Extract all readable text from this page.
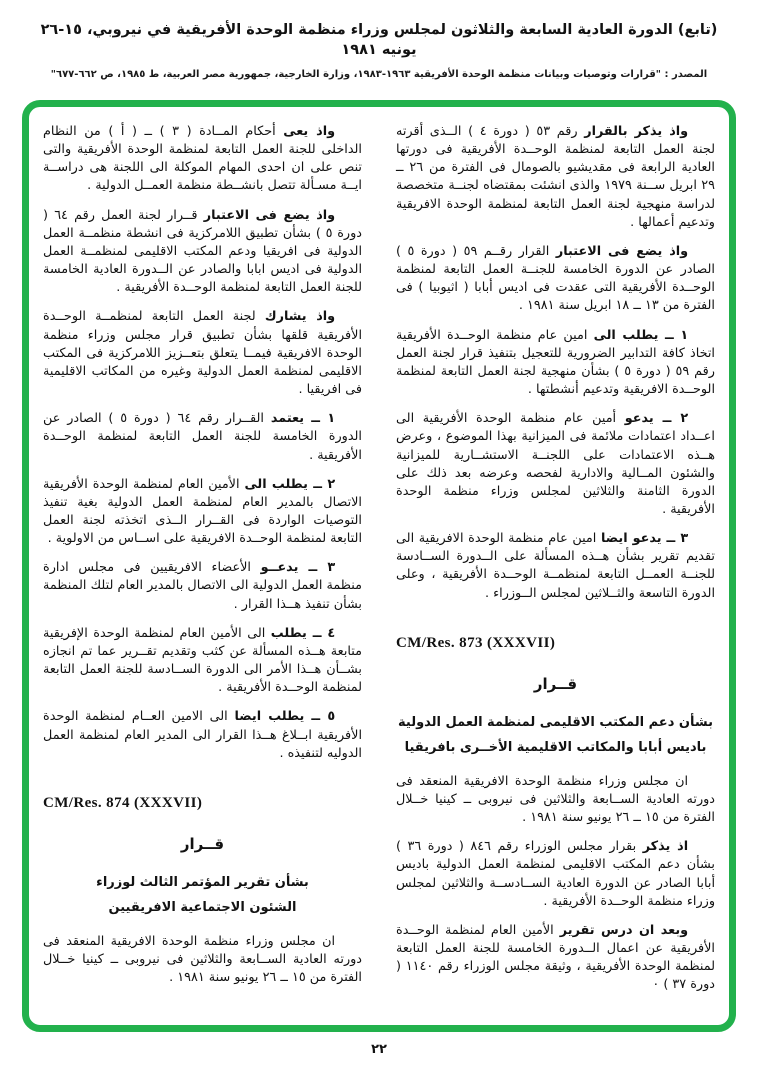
(تابع) الدورة العادية السابعة والثلاثون لمجلس وزراء منظمة الوحدة الأفريقية في نيروبي، ١٥-٢٦ يونيه ١٩٨١
المصدر : "قرارات وتوصيات وبيانات منظمة الوحدة الأفريقية ١٩٦٣-١٩٨٣، وزارة الخارجية، جمهورية مصر العربية، ط ١٩٨٥، ص ٦٦٢-٦٧٧"

واذ يذكر بالقرار رقم ٥٣ ( دورة ٤ ) الــذى أقرته لجنة العمل التابعة لمنظمة الوحــدة الأفريقية فى دورتها العادية الرابعة فى مقديشيو بالصومال فى الفترة من ٢٦ ــ ٢٩ ابريل ســنة ١٩٧٩ والذى انشئت بمقتضاه لجنــة متخصصة لدراسة منهجية لجنة العمل التابعة لمنظمة الوحدة الافريقية وتدعيم أعمالها .

واذ يضع فى الاعتبار القرار رقــم ٥٩ ( دورة ٥ ) الصادر عن الدورة الخامسة للجنــة العمل التابعة لمنظمة الوحــدة الأفريقية التى عقدت فى اديس أبابا ( اثيوبيا ) فى الفترة من ١٣ ــ ١٨ ابريل سنة ١٩٨١ .

١ ــ يطلب الى امين عام منظمة الوحــدة الأفريقية اتخاذ كافة التدابير الضرورية للتعجيل بتنفيذ قرار لجنة العمل رقم ٥٩ ( دورة ٥ ) بشأن منهجية لجنة العمل التابعة لمنظمة الوحــدة الافريقية وتدعيم أنشطتها .

٢ ــ يدعو أمين عام منظمة الوحدة الأفريقية الى اعــداد اعتمادات ملائمة فى الميزانية بهذا الموضوع ، وعرض هــذه الاعتمادات على اللجنــة الاستشــارية للميزانية والشئون المــالية والادارية لفحصه وعرضه بعد ذلك على الدورة الثامنة والثلاثين لمجلس وزراء منظمة الوحدة الأفريقية .

٣ ــ يدعو ايضا امين عام منظمة الوحدة الافريقية الى تقديم تقرير بشأن هــذه المسألة على الــدورة الســادسة للجنــة العمــل التابعة لمنظمــة الوحــدة الأفريقية ، وعلى الدورة التاسعة والثــلاثين لمجلس الــوزراء .

CM/Res. 873 (XXXVII)
قــرار
بشأن دعم المكتب الاقليمى لمنظمة العمل الدولية
باديس أبابا والمكاتب الاقليمية الأخــرى بافريقيا

ان مجلس وزراء منظمة الوحدة الافريقية المنعقد فى دورته العادية الســابعة والثلاثين فى نيروبى ــ كينيا خــلال الفترة من ١٥ ــ ٢٦ يونيو سنة ١٩٨١ .

اذ يذكر بقرار مجلس الوزراء رقم ٨٤٦ ( دورة ٣٦ ) بشأن دعم المكتب الاقليمى لمنظمة العمل الدولية باديس أبابا الصادر عن الدورة العادية الســادســة والثلاثين لمجلس وزراء منظمة الوحــدة الأفريقية .

وبعد ان درس تقرير الأمين العام لمنظمة الوحــدة الأفريقية عن اعمال الــدورة الخامسة للجنة العمل التابعة لمنظمة الوحدة الأفريقية ، وثيقة مجلس الوزراء رقم ١١٤٠ ( دورة ٣٧ ) ٠

واذ يعى أحكام المــادة ( ٣ ) ــ ( أ ) من النظام الداخلى للجنة العمل التابعة لمنظمة الوحدة الأفريقية والتى تنص على ان احدى المهام الموكلة الى اللجنة هى دراســة ايــة مسـألة تتصل بانشــطة منظمة العمــل الدولية .

واذ يضع فى الاعتبار قــرار لجنة العمل رقم ٦٤ ( دورة ٥ ) بشأن تطبيق اللامركزية فى انشطة منظمــة العمل الدولية فى افريقيا ودعم المكتب الاقليمى لمنظمــة العمل الدولية فى اديس ابابا والصادر عن الــدورة العادية الخامسة للجنة العمل التابعة لمنظمة الوحــدة الأفريقية .

واذ يشارك لجنة العمل التابعة لمنظمــة الوحــدة الأفريقية قلقها بشأن تطبيق قرار مجلس وزراء منظمة الوحدة الافريقية فيمــا يتعلق بتعــزيز اللامركزية فى المكتب الاقليمى لمنظمة العمل الدولية وغيره من المكاتب الاقليمية فى افريقيا .

١ ــ يعتمد القــرار رقم ٦٤ ( دورة ٥ ) الصادر عن الدورة الخامسة للجنة العمل التابعة لمنظمة الوحــدة الأفريقية .

٢ ــ يطلب الى الأمين العام لمنظمة الوحدة الأفريقية الاتصال بالمدير العام لمنظمة العمل الدولية بغية تنفيذ التوصيات الواردة فى القــرار الــذى اتخذته لجنة العمل التابعة لمنظمة الوحــدة الافريقية على اســاس من الاولوية .

٣ ــ يدعــو الأعضاء الافريقيين فى مجلس ادارة منظمة العمل الدولية الى الاتصال بالمدير العام لتلك المنظمة بشأن تنفيذ هــذا القرار .

٤ ــ يطلب الى الأمين العام لمنظمة الوحدة الإفريقية متابعة هــذه المسألة عن كثب وتقديم تقــرير عما تم انجازه بشــأن هــذا الأمر الى الدورة الســادسة للجنة العمل التابعة لمنظمة الوحــدة الأفريقية .

٥ ــ يطلب ايضا الى الامين العــام لمنظمة الوحدة الأفريقية ابــلاغ هــذا القرار الى المدير العام لمنظمة العمل الدوليه لتنفيذه .

CM/Res. 874 (XXXVII)
قــرار
بشأن تقرير المؤتمر الثالث لوزراء
الشئون الاجتماعية الافريقيين

ان مجلس وزراء منظمة الوحدة الافريقية المنعقد فى دورته العادية الســابعة والثلاثين فى نيروبى ــ كينيا خــلال الفترة من ١٥ ــ ٢٦ يونيو سنة ١٩٨١ .

٢٢
